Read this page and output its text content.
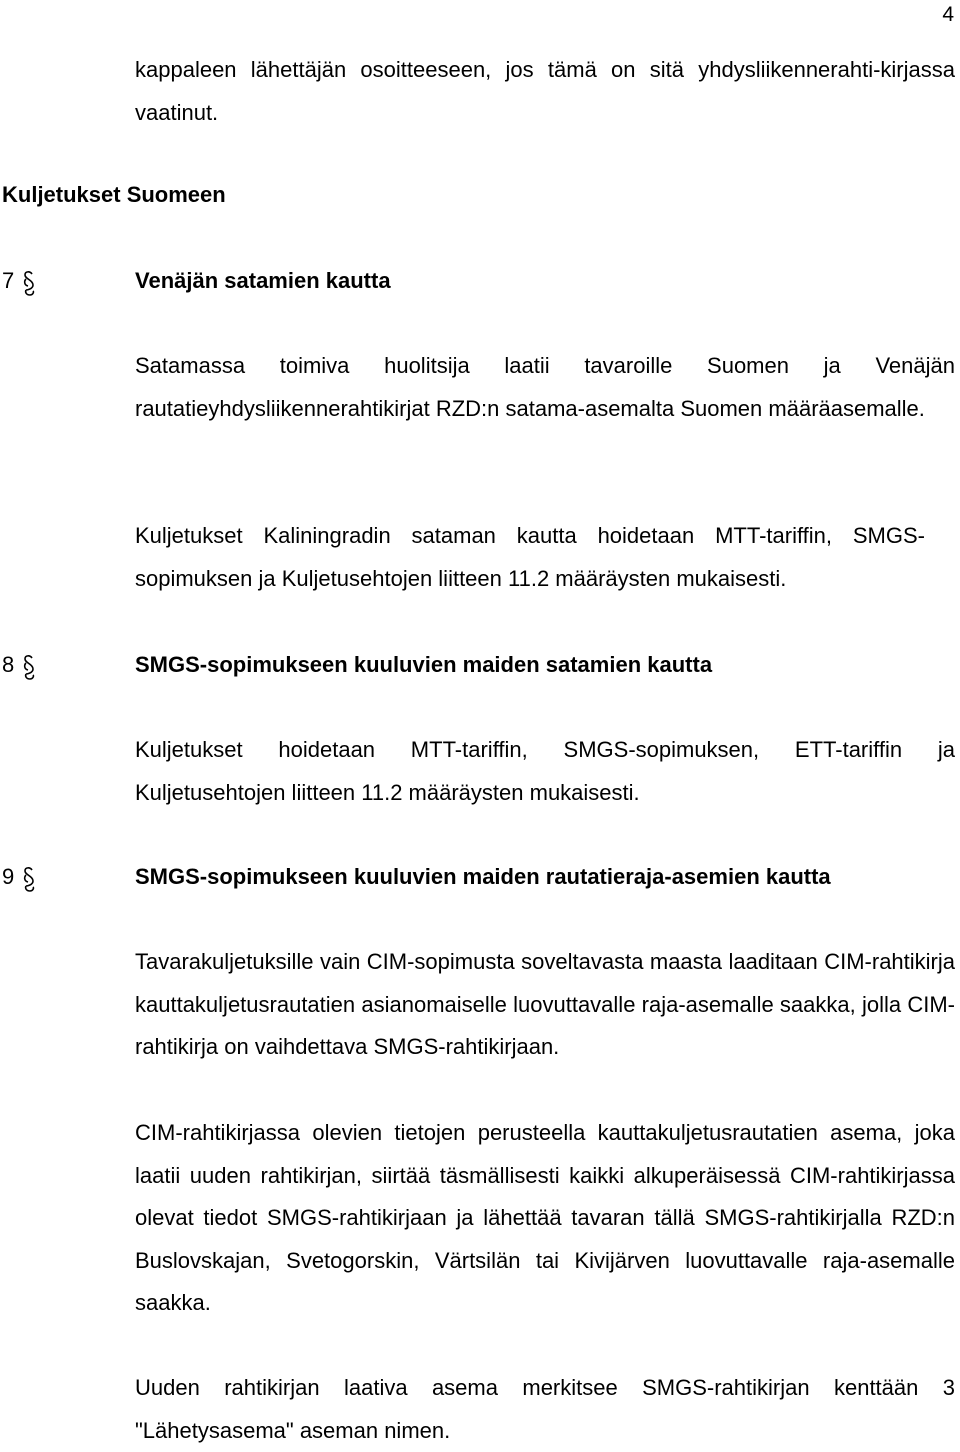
4
kappaleen lähettäjän osoitteeseen, jos tämä on sitä yhdysliikennerahti-kirjassa vaatinut.
Kuljetukset Suomeen
7	Venäjän satamien kautta
Satamassa toimiva huolitsija laatii tavaroille Suomen ja Venäjän rautatieyhdysliikennerahtikirjat RZD:n satama-asemalta Suomen määräasemalle.
Kuljetukset Kaliningradin sataman kautta hoidetaan MTT-tariffin, SMGS-sopimuksen ja Kuljetusehtojen liitteen 11.2 määräysten mukaisesti.
8	SMGS-sopimukseen kuuluvien maiden satamien kautta
Kuljetukset hoidetaan MTT-tariffin, SMGS-sopimuksen, ETT-tariffin ja Kuljetusehtojen liitteen 11.2 määräysten mukaisesti.
9	SMGS-sopimukseen kuuluvien maiden rautatieraja-asemien kautta
Tavarakuljetuksille vain CIM-sopimusta soveltavasta maasta laaditaan CIM-rahtikirja kauttakuljetusrautatien asianomaiselle luovuttavalle raja-asemalle saakka, jolla CIM-rahtikirja on vaihdettava SMGS-rahtikirjaan.
CIM-rahtikirjassa olevien tietojen perusteella kauttakuljetusrautatien asema, joka laatii uuden rahtikirjan, siirtää täsmällisesti kaikki alkuperäisessä CIM-rahtikirjassa olevat tiedot SMGS-rahtikirjaan ja lähettää tavaran tällä SMGS-rahtikirjalla RZD:n Buslovskajan, Svetogorskin, Värtsilän tai Kivijärven luovuttavalle raja-asemalle saakka.
Uuden rahtikirjan laativa asema merkitsee SMGS-rahtikirjan kenttään 3 "Lähetysasema" aseman nimen.
